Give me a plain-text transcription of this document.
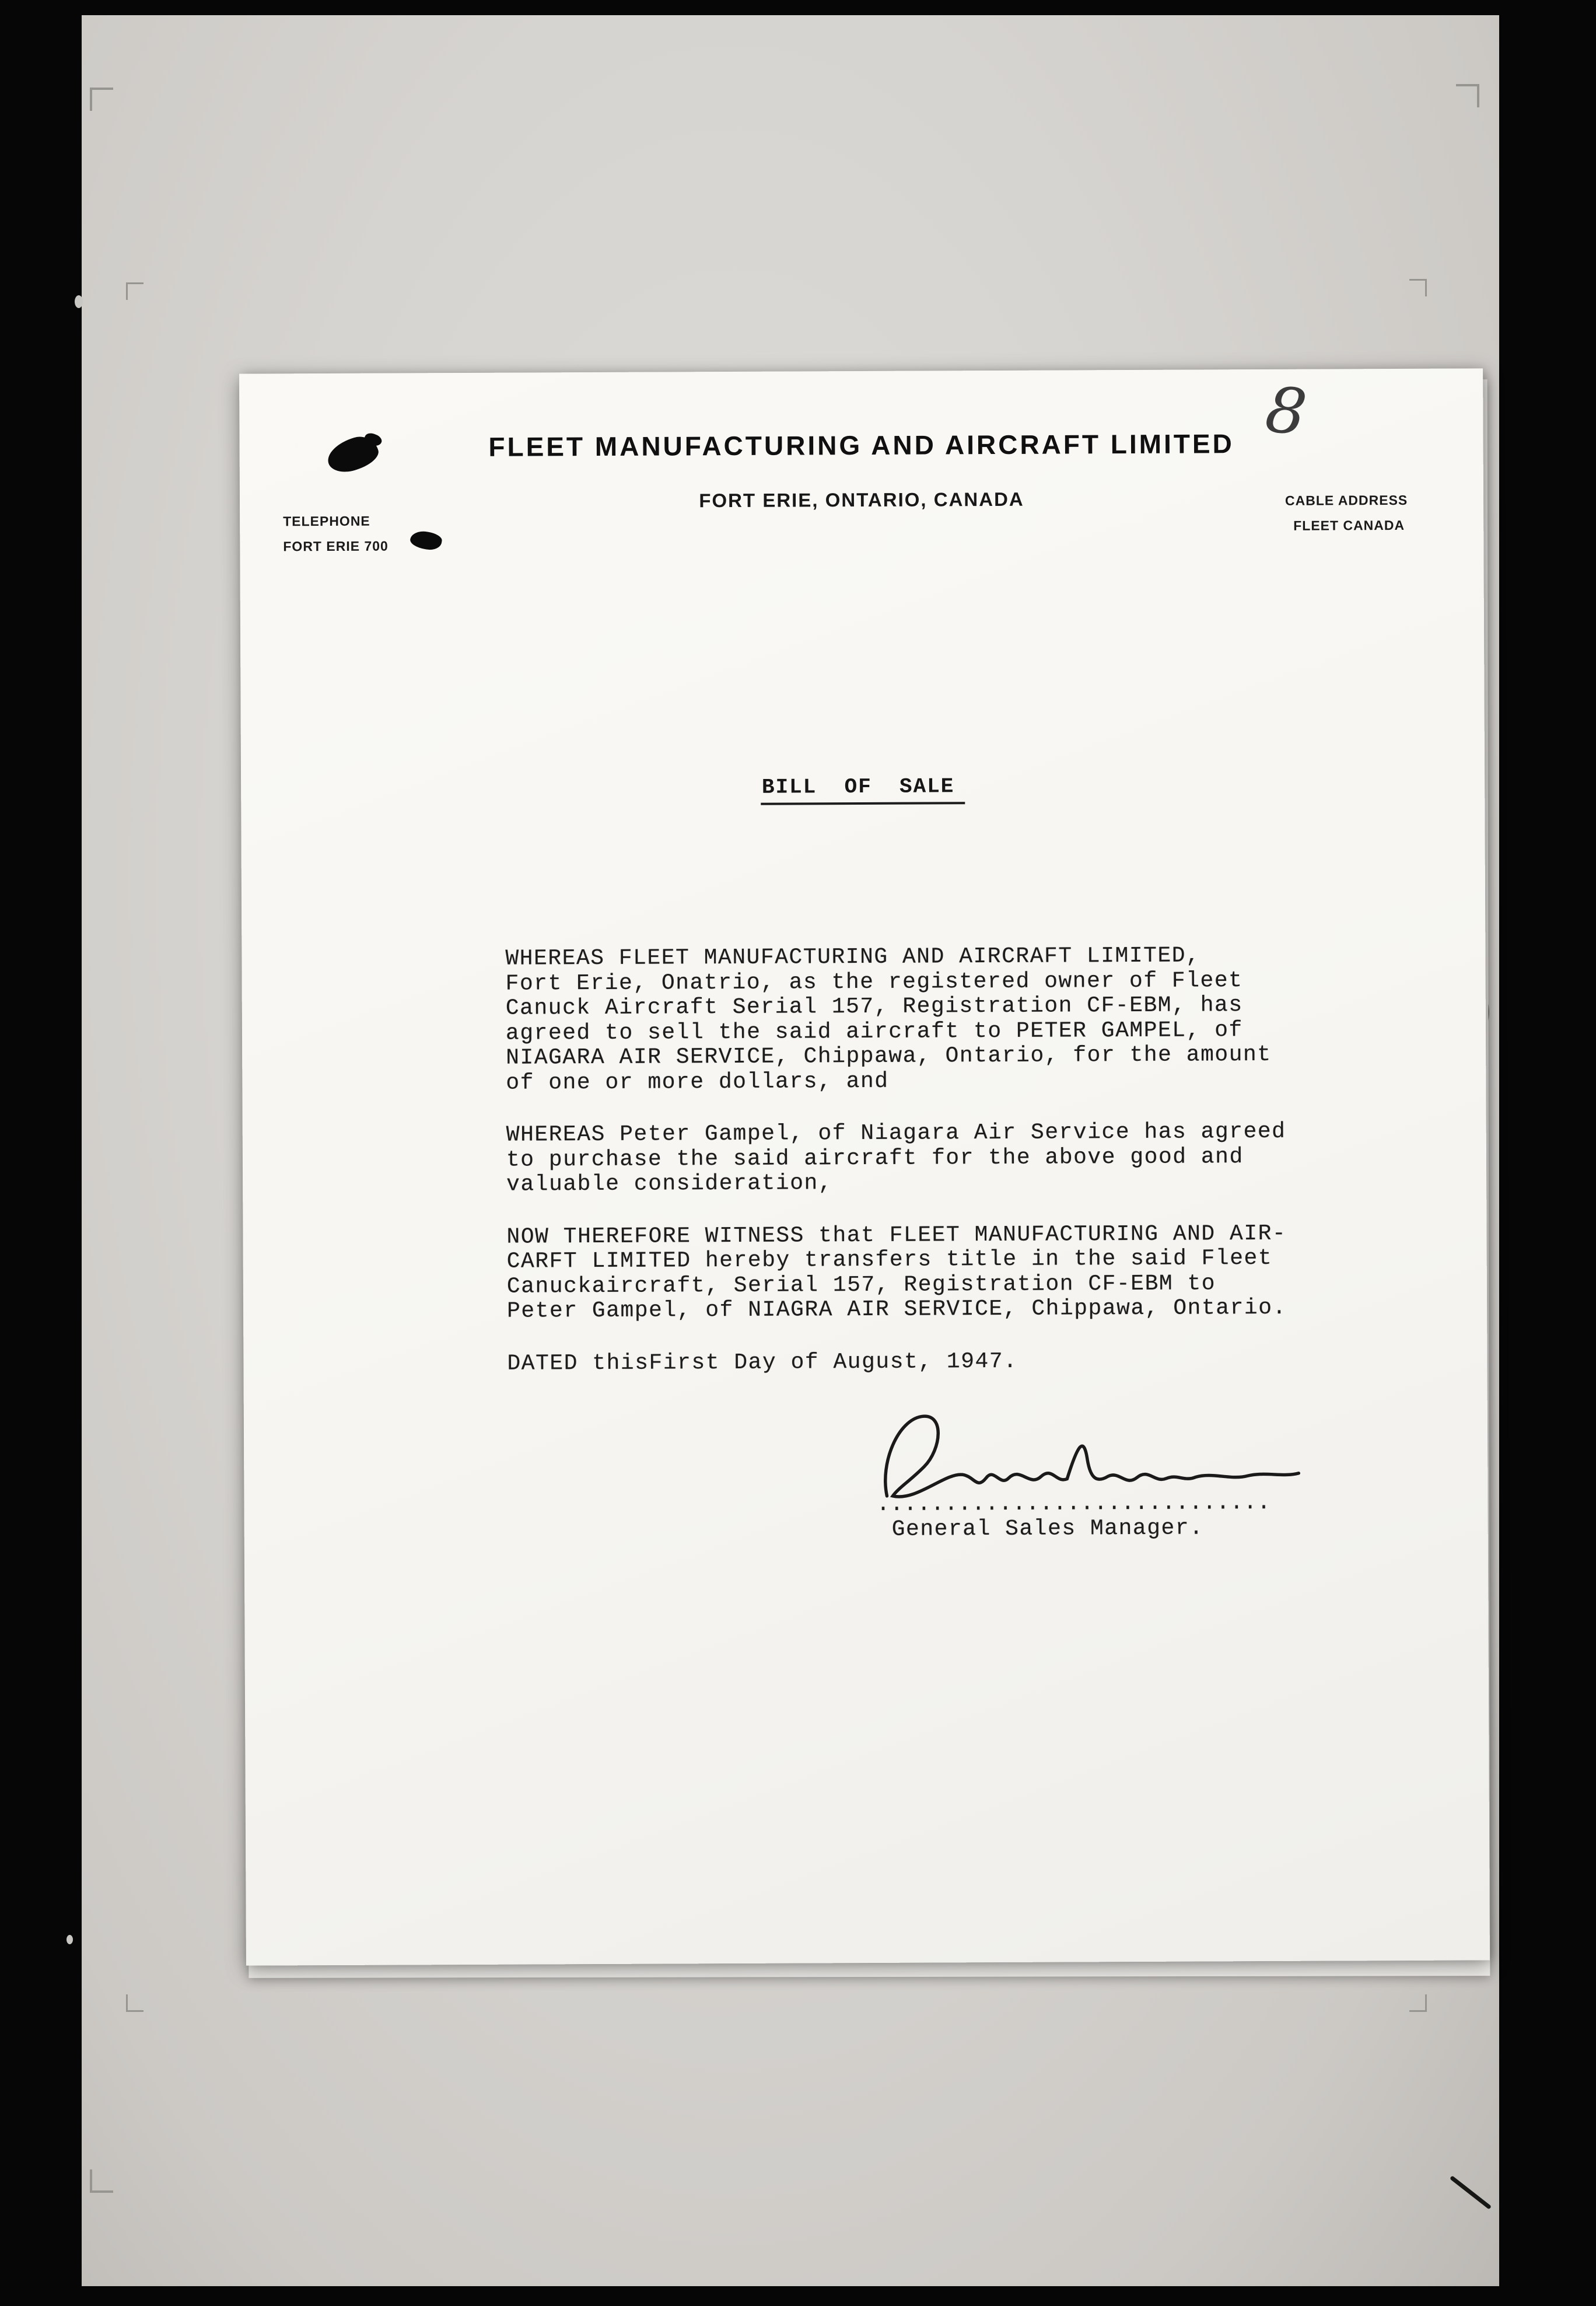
FLEET MANUFACTURING AND AIRCRAFT LIMITED
FORT ERIE, ONTARIO, CANADA
TELEPHONE
FORT ERIE 700
CABLE ADDRESS
FLEET CANADA
8
BILL  OF  SALE

WHEREAS FLEET MANUFACTURING AND AIRCRAFT LIMITED,
Fort Erie, Onatrio, as the registered owner of Fleet
Canuck Aircraft Serial 157, Registration CF-EBM, has
agreed to sell the said aircraft to PETER GAMPEL, of
NIAGARA AIR SERVICE, Chippawa, Ontario, for the amount
of one or more dollars, and

WHEREAS Peter Gampel, of Niagara Air Service has agreed
to purchase the said aircraft for the above good and
valuable consideration,

NOW THEREFORE WITNESS that FLEET MANUFACTURING AND AIR-
CARFT LIMITED hereby transfers title in the said Fleet
Canuckaircraft, Serial 157, Registration CF-EBM to
Peter Gampel, of NIAGRA AIR SERVICE, Chippawa, Ontario.

DATED thisFirst Day of August, 1947.

.............................
General Sales Manager.
